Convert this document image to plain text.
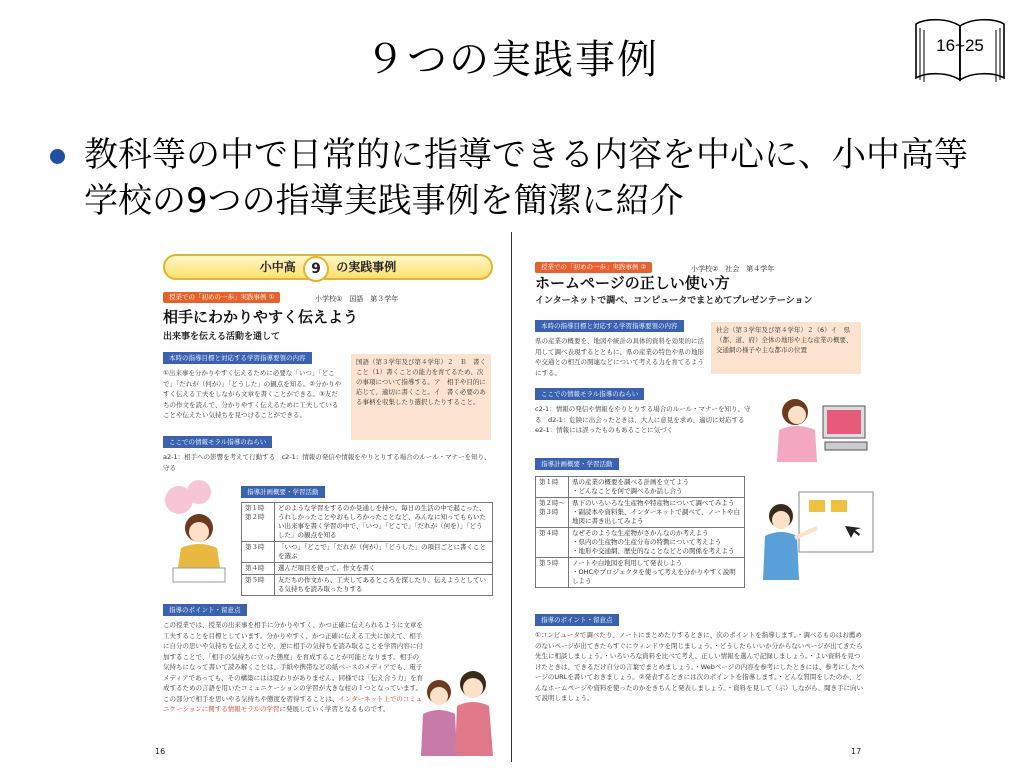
９つの実践事例	16~25
教科等の中で日常的に指導できる内容を中心に、小中高等学校の9つの指導実践事例を簡潔に紹介
小中高 9 の実践事例
授業での「初めの一歩」実践事例 ①	小学校①　国語　第３学年
相手にわかりやすく伝えよう
出来事を伝える活動を通して
本時の指導目標と対応する学習指導要領の内容
①出来事を分かりやすく伝えるために必要な「いつ」「どこで」「だれが（何が）」「どうした」の観点を知る。②分かりやすく伝える工夫をしながら文章を書くことができる。③友だちの作文を読んで、分かりやすく伝えるために工夫していることや伝えたい気持ちを見つけることができる。
国語（第３学年及び第４学年）２　Ｂ　書くこと（1）書くことの能力を育てるため、次の事項について指導する。ア　相手や目的に応じて、適切に書くこと。イ　書く必要のある事柄を収集したり選択したりすること。
ここでの情報モラル指導のねらい
a2-1：相手への影響を考えて行動する　c2-1：情報の発信や情報をやりとりする場合のルール・マナーを知り、守る
指導計画概要・学習活動
第１時
第２時	どのような学習をするのか見通しを持つ。毎日の生活の中で起こった、うれしかったことやおもしろかったことなど、みんなに知ってもらいたい出来事を書く学習の中で、「いつ」「どこで」「だれが（何を）」「どうした」の観点を知る
第３時	「いつ」「どこで」「だれが（何が）」「どうした」の項目ごとに書くことを選ぶ
第４時	選んだ項目を使って、作文を書く
第５時	友だちの作文から、工夫してあるところを探したり、伝えようとしている気持ちを読み取ったりする
指導のポイント・留意点
この授業では、授業の出来事を相手に分かりやすく、かつ正確に伝えられるように文章を工夫することを目標としています。分かりやすく、かつ正確に伝える工夫に加えて、相手に自分の思いや気持ちを伝えることや、逆に相手の気持ちを読み取ることを学習内容に付加することで、「相手の気持ちに立った態度」を育成することが可能となります。相手の気持ちになって書いて読み解くことは、手紙や携帯などの紙ベースのメディアでも、電子メディアであっても、その構築にはは変わりがありません。同様では「伝え合う力」を育成するための言語を用いたコミュニケーションの学習が大きな柱の１つとなっています。この部分で相手を思いやる気持ちや態度を習得することは、インターネット上でのコミュニケーションに関する情報モラルの学習に発展していく学習となるものです。
16
授業での「初めの一歩」実践事例 ②	小学校②　社会　第４学年
ホームページの正しい使い方
インターネットで調べ、コンピュータでまとめてプレゼンテーション
本時の指導目標と対応する学習指導要領の内容
県の産業の概要を、地図や統計の具体的資料を効果的に活用して調べ表現するとともに、県の産業の特色や県の地形や交通との相互の関連などについて考える力を育てるようにする。
社会（第３学年及び第４学年）２（6）イ　県（都、道、府）全体の地形や主な産業の概要、交通網の様子や主な都市の位置
ここでの情報モラル指導のねらい
c2-1：情報の発信や情報をやりとりする場合のルール・マナーを知り、守る　d2-1：危険に出会ったときは、大人に意見を求め、適切に対応する　e2-1：情報には誤ったものもあることに気づく
指導計画概要・学習活動
第１時	県の産業の概要を調べる計画を立てよう
・どんなことを何で調べるか話し合う
第２時〜
第３時	県下のいろいろな生産物や特産物について調べてみよう
・副読本や資料集、インターネットで調べて、ノートや白地図に書き出してみよう
第４時	なぜそのような生産物がさかんなのか考えよう
・県内の生産物の生産分布の特徴について考えよう
・地形や交通網、歴史的なことなどとの関係を考えよう
第５時	ノートや白地図を利用して発表しよう
・OHCやプロジェクタを使って考えを分かりやすく説明しよう
指導のポイント・留意点
①コンピュータで調べたり、ノートにまとめたりするときに、次のポイントを指導します。・調べるものはお薦めのないページが出てきたらすぐにウィンドウを閉じましょう。・どうしたらいいか分からないページが出てきたら先生に相談しましょう。・いろいろな資料を比べて考え、正しい情報を選んで記録しましょう。・よい資料を見つけたときは、できるだけ自分の言葉でまとめましょう。・Webページの内容を参考にしたときには、参考にしたページのURLを書いておきましょう。②発表するときには次のポイントを指導します。・どんな質問をしたのか、どんなホームページや資料を使ったのかをきちんと発表しましょう。・資料を見して（示）しながら、聞き手に向いて説明しましょう。
17
